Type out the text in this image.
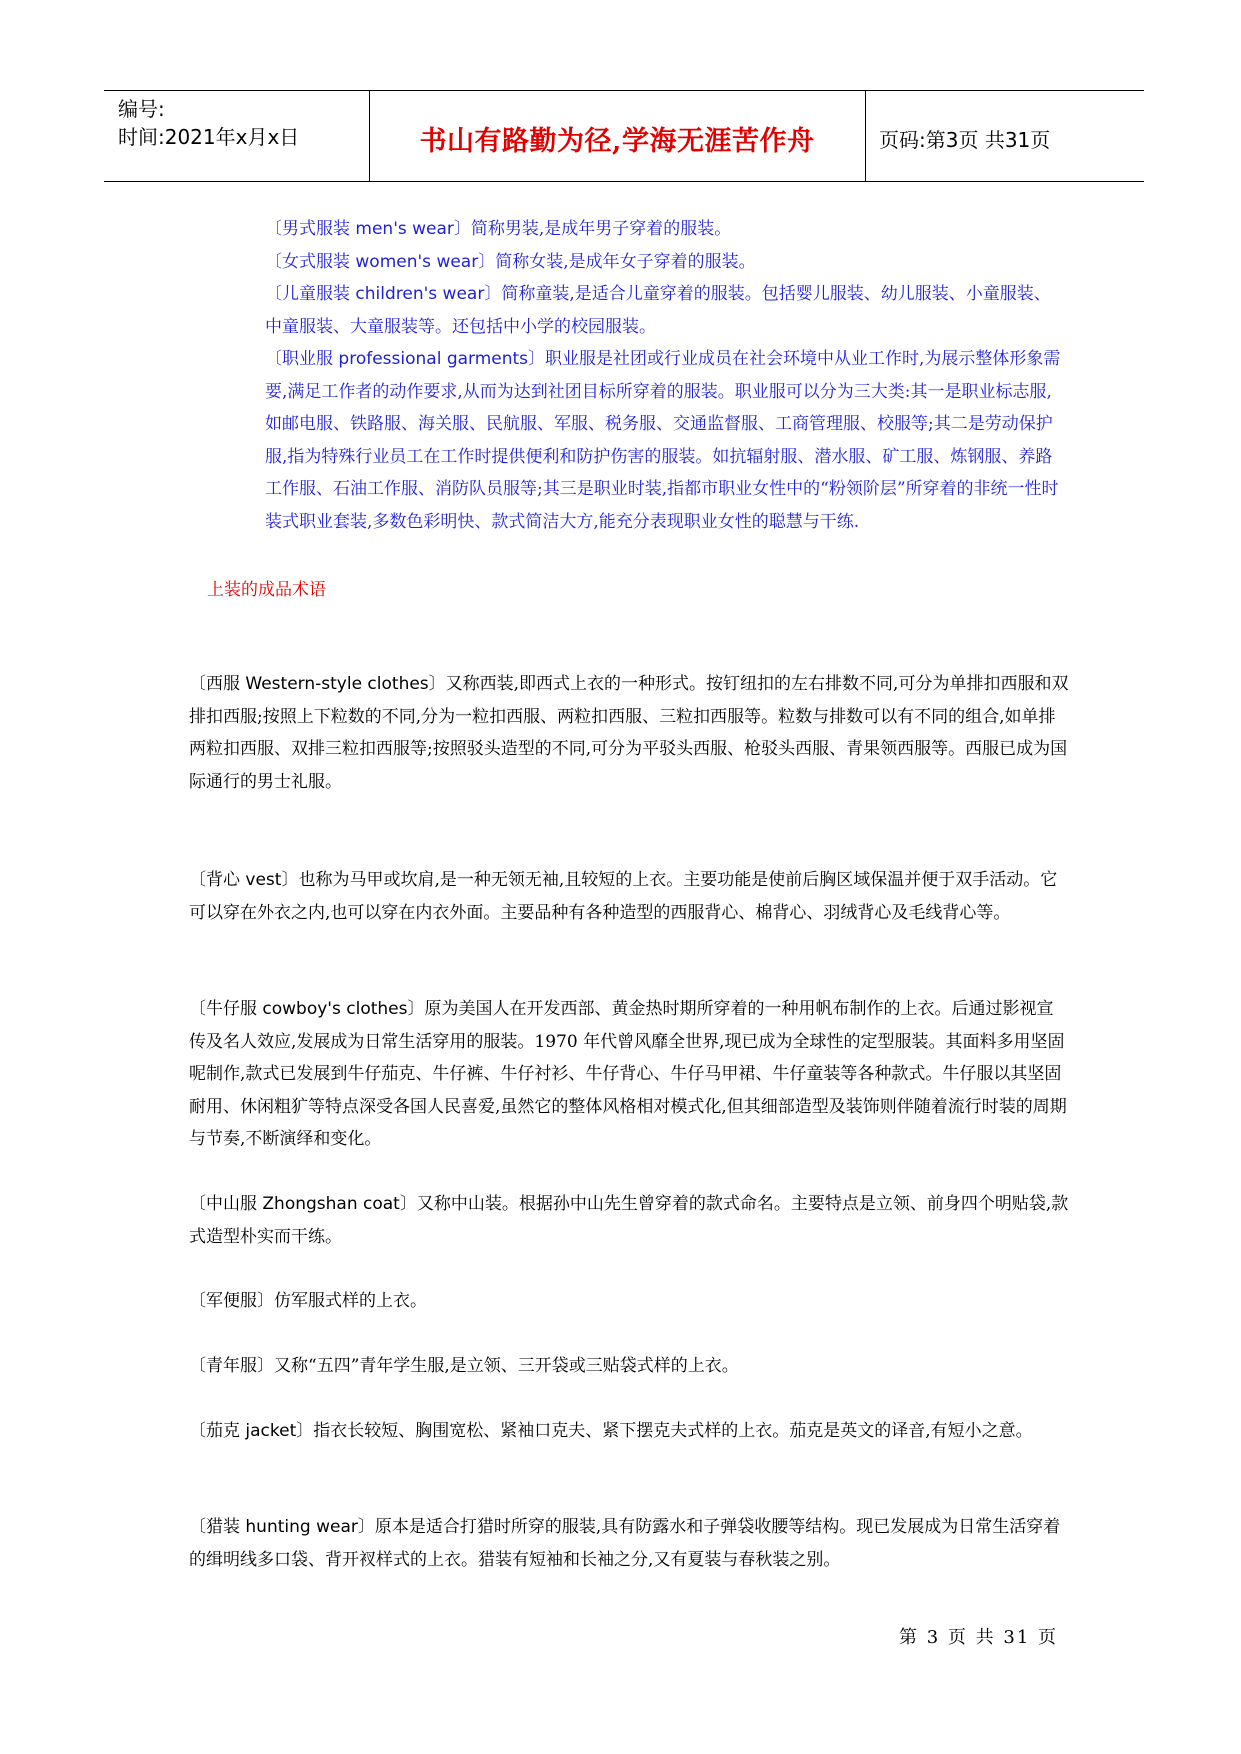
编号:
时间:2021年x月x日	书山有路勤为径,学海无涯苦作舟	页码:第3页 共31页
〔男式服装 men's wear〕简称男装,是成年男子穿着的服装。
〔女式服装 women's wear〕简称女装,是成年女子穿着的服装。
〔儿童服装 children's wear〕简称童装,是适合儿童穿着的服装。包括婴儿服装、幼儿服装、小童服装、中童服装、大童服装等。还包括中小学的校园服装。
〔职业服 professional garments〕职业服是社团或行业成员在社会环境中从业工作时,为展示整体形象需要,满足工作者的动作要求,从而为达到社团目标所穿着的服装。职业服可以分为三大类:其一是职业标志服,如邮电服、铁路服、海关服、民航服、军服、税务服、交通监督服、工商管理服、校服等;其二是劳动保护服,指为特殊行业员工在工作时提供便利和防护伤害的服装。如抗辐射服、潜水服、矿工服、炼钢服、养路工作服、石油工作服、消防队员服等;其三是职业时装,指都市职业女性中的“粉领阶层”所穿着的非统一性时装式职业套装,多数色彩明快、款式简洁大方,能充分表现职业女性的聪慧与干练.
上装的成品术语
〔西服 Western-style clothes〕又称西装,即西式上衣的一种形式。按钉纽扣的左右排数不同,可分为单排扣西服和双排扣西服;按照上下粒数的不同,分为一粒扣西服、两粒扣西服、三粒扣西服等。粒数与排数可以有不同的组合,如单排两粒扣西服、双排三粒扣西服等;按照驳头造型的不同,可分为平驳头西服、枪驳头西服、青果领西服等。西服已成为国际通行的男士礼服。
〔背心 vest〕也称为马甲或坎肩,是一种无领无袖,且较短的上衣。主要功能是使前后胸区域保温并便于双手活动。它可以穿在外衣之内,也可以穿在内衣外面。主要品种有各种造型的西服背心、棉背心、羽绒背心及毛线背心等。
〔牛仔服 cowboy's clothes〕原为美国人在开发西部、黄金热时期所穿着的一种用帆布制作的上衣。后通过影视宣传及名人效应,发展成为日常生活穿用的服装。1970 年代曾风靡全世界,现已成为全球性的定型服装。其面料多用坚固呢制作,款式已发展到牛仔茄克、牛仔裤、牛仔衬衫、牛仔背心、牛仔马甲裙、牛仔童装等各种款式。牛仔服以其坚固耐用、休闲粗犷等特点深受各国人民喜爱,虽然它的整体风格相对模式化,但其细部造型及装饰则伴随着流行时装的周期与节奏,不断演绎和变化。
〔中山服 Zhongshan coat〕又称中山装。根据孙中山先生曾穿着的款式命名。主要特点是立领、前身四个明贴袋,款式造型朴实而干练。
〔军便服〕仿军服式样的上衣。
〔青年服〕又称“五四”青年学生服,是立领、三开袋或三贴袋式样的上衣。
〔茄克 jacket〕指衣长较短、胸围宽松、紧袖口克夫、紧下摆克夫式样的上衣。茄克是英文的译音,有短小之意。
〔猎装 hunting wear〕原本是适合打猎时所穿的服装,具有防露水和子弹袋收腰等结构。现已发展成为日常生活穿着的缉明线多口袋、背开衩样式的上衣。猎装有短袖和长袖之分,又有夏装与春秋装之别。
第 3 页 共 31 页
